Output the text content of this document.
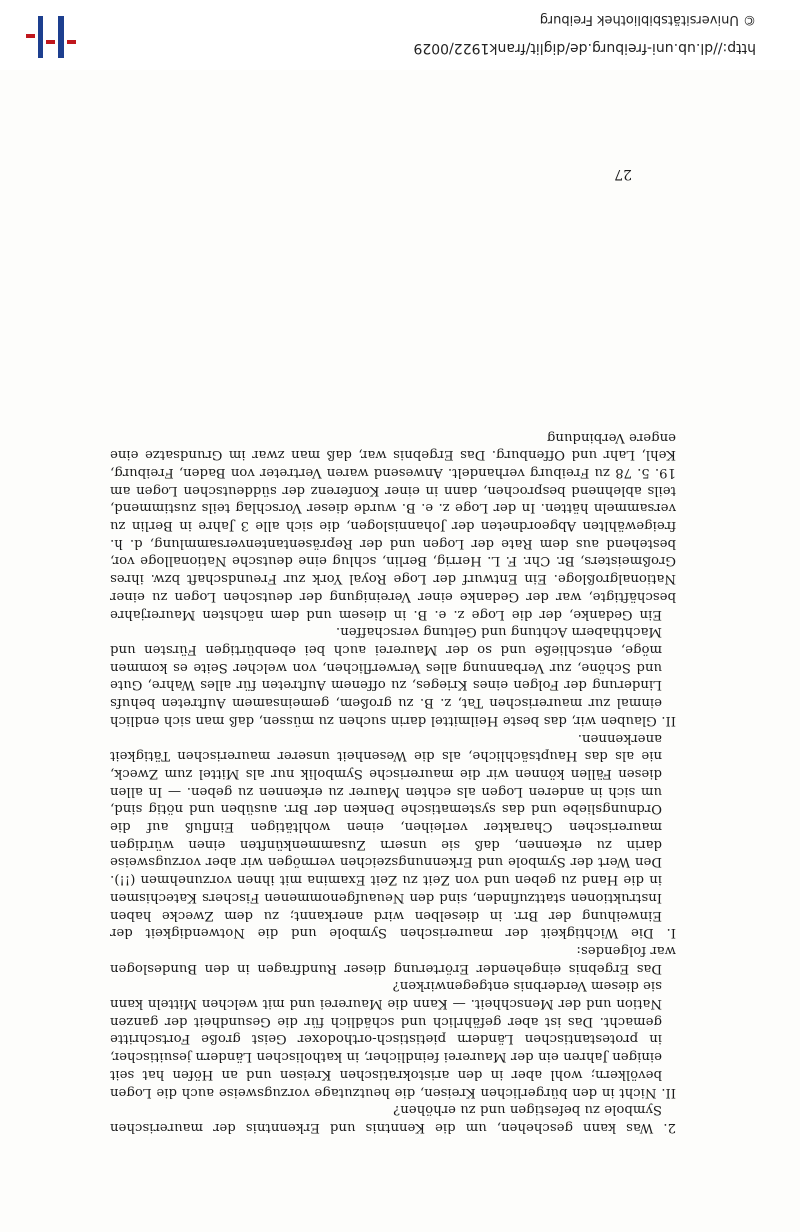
2. Was kann geschehen, um die Kenntnis und Erkenntnis der maurerischen Symbole zu befestigen und zu erhöhen?

II. Nicht in den bürgerlichen Kreisen, die heutzutage vorzugsweise auch die Logen bevölkern; wohl aber in den aristokratischen Kreisen und an Höfen hat seit einigen Jahren ein der Maurerei feindlicher, in katholischen Ländern jesuitischer, in protestantischen Ländern pietistisch-orthodoxer Geist große Fortschritte gemacht. Das ist aber gefährlich und schädlich für die Gesundheit der ganzen Nation und der Menschheit. — Kann die Maurerei und mit welchen Mitteln kann sie diesem Verderbnis entgegenwirken?

Das Ergebnis eingehender Erörterung dieser Rundfragen in den Bundeslogen war folgendes:

I. Die Wichtigkeit der maurerischen Symbole und die Notwendigkeit der Einweihung der Brr. in dieselben wird anerkannt; zu dem Zwecke haben Instruktionen stattzufinden, sind den Neuaufgenommenen Fischers Katechismen in die Hand zu geben und von Zeit zu Zeit Examina mit ihnen vorzunehmen (!!). Den Wert der Symbole und Erkennungszeichen vermögen wir aber vorzugsweise darin zu erkennen, daß sie unsern Zusammenkünften einen würdigen maurerischen Charakter verleihen, einen wohltätigen Einfluß auf die Ordnungsliebe und das systematische Denken der Brr. ausüben und nötig sind, um sich in anderen Logen als echten Maurer zu erkennen zu geben. — In allen diesen Fällen können wir die maurerische Symbolik nur als Mittel zum Zweck, nie als das Hauptsächliche, als die Wesenheit unserer maurerischen Tätigkeit anerkennen.

II. Glauben wir, das beste Heilmittel darin suchen zu müssen, daß man sich endlich einmal zur maurerischen Tat, z. B. zu großem, gemeinsamem Auftreten behufs Linderung der Folgen eines Krieges, zu offenem Auftreten für alles Wahre, Gute und Schöne, zur Verbannung alles Verwerflichen, von welcher Seite es kommen möge, entschließe und so der Maurerei auch bei ebenbürtigen Fürsten und Machthabern Achtung und Geltung verschaffen.

Ein Gedanke, der die Loge z. e. B. in diesem und dem nächsten Maurerjahre beschäftigte, war der Gedanke einer Vereinigung der deutschen Logen zu einer Nationalgroßloge. Ein Entwurf der Loge Royal York zur Freundschaft bzw. ihres Großmeisters, Br. Chr. F. L. Herrig, Berlin, schlug eine deutsche Nationalloge vor, bestehend aus dem Rate der Logen und der Repräsentantenversammlung, d. h. freigewählten Abgeordneten der Johannislogen, die sich alle 3 Jahre in Berlin zu versammeln hätten. In der Loge z. e. B. wurde dieser Vorschlag teils zustimmend, teils ablehnend besprochen, dann in einer Konferenz der süddeutschen Logen am 19. 5. 78 zu Freiburg verhandelt. Anwesend waren Vertreter von Baden, Freiburg, Kehl, Lahr und Offenburg. Das Ergebnis war, daß man zwar im Grundsatze eine engere Verbindung

27
http://dl.ub.uni-freiburg.de/diglit/frank1922/0029
© Universitätsbibliothek Freiburg
